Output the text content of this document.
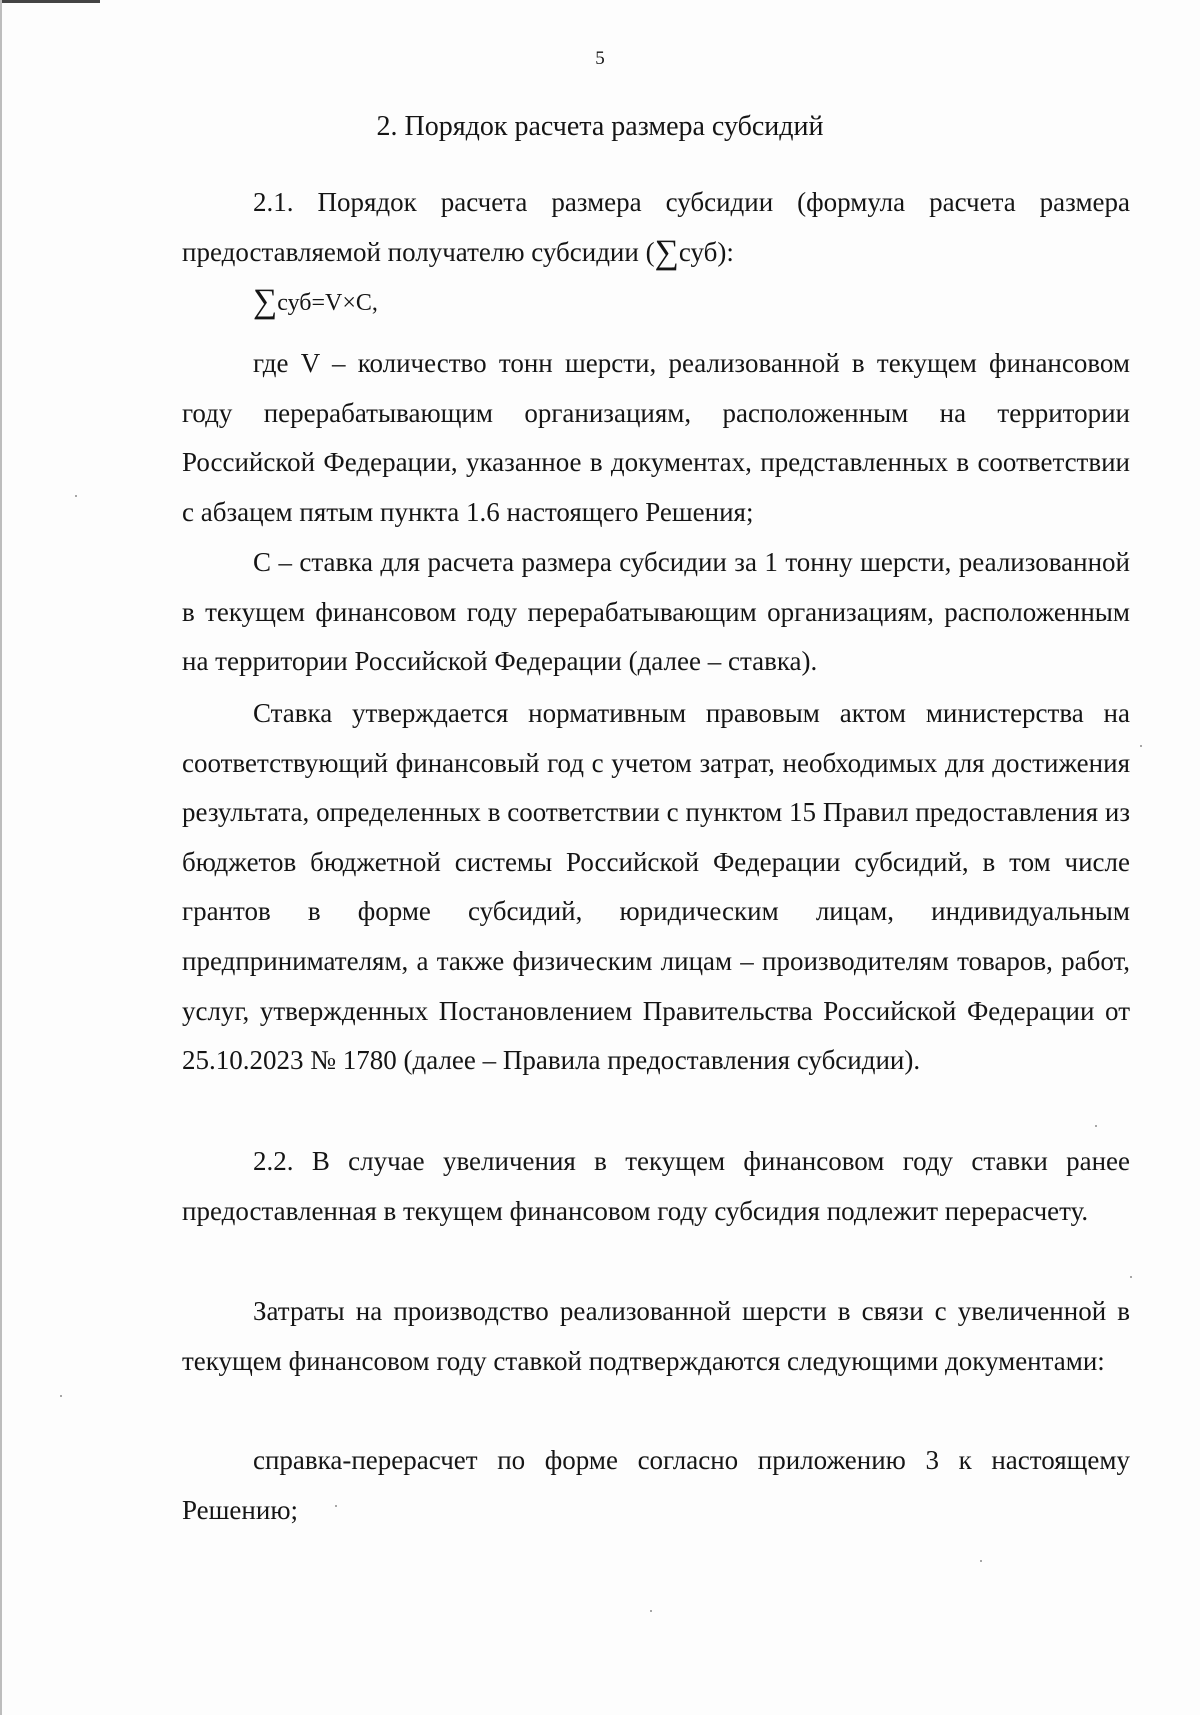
5
2. Порядок расчета размера субсидий

2.1. Порядок расчета размера субсидии (формула расчета размера предоставляемой получателю субсидии (∑суб):

∑суб=V×C,

где V – количество тонн шерсти, реализованной в текущем финансовом году перерабатывающим организациям, расположенным на территории Российской Федерации, указанное в документах, представленных в соответствии с абзацем пятым пункта 1.6 настоящего Решения;

С – ставка для расчета размера субсидии за 1 тонну шерсти, реализованной в текущем финансовом году перерабатывающим организациям, расположенным на территории Российской Федерации (далее – ставка).

Ставка утверждается нормативным правовым актом министерства на соответствующий финансовый год с учетом затрат, необходимых для достижения результата, определенных в соответствии с пунктом 15 Правил предоставления из бюджетов бюджетной системы Российской Федерации субсидий, в том числе грантов в форме субсидий, юридическим лицам, индивидуальным предпринимателям, а также физическим лицам – производителям товаров, работ, услуг, утвержденных Постановлением Правительства Российской Федерации от 25.10.2023 № 1780 (далее – Правила предоставления субсидии).

2.2. В случае увеличения в текущем финансовом году ставки ранее предоставленная в текущем финансовом году субсидия подлежит перерасчету.

Затраты на производство реализованной шерсти в связи с увеличенной в текущем финансовом году ставкой подтверждаются следующими документами:

справка-перерасчет по форме согласно приложению 3 к настоящему Решению;
